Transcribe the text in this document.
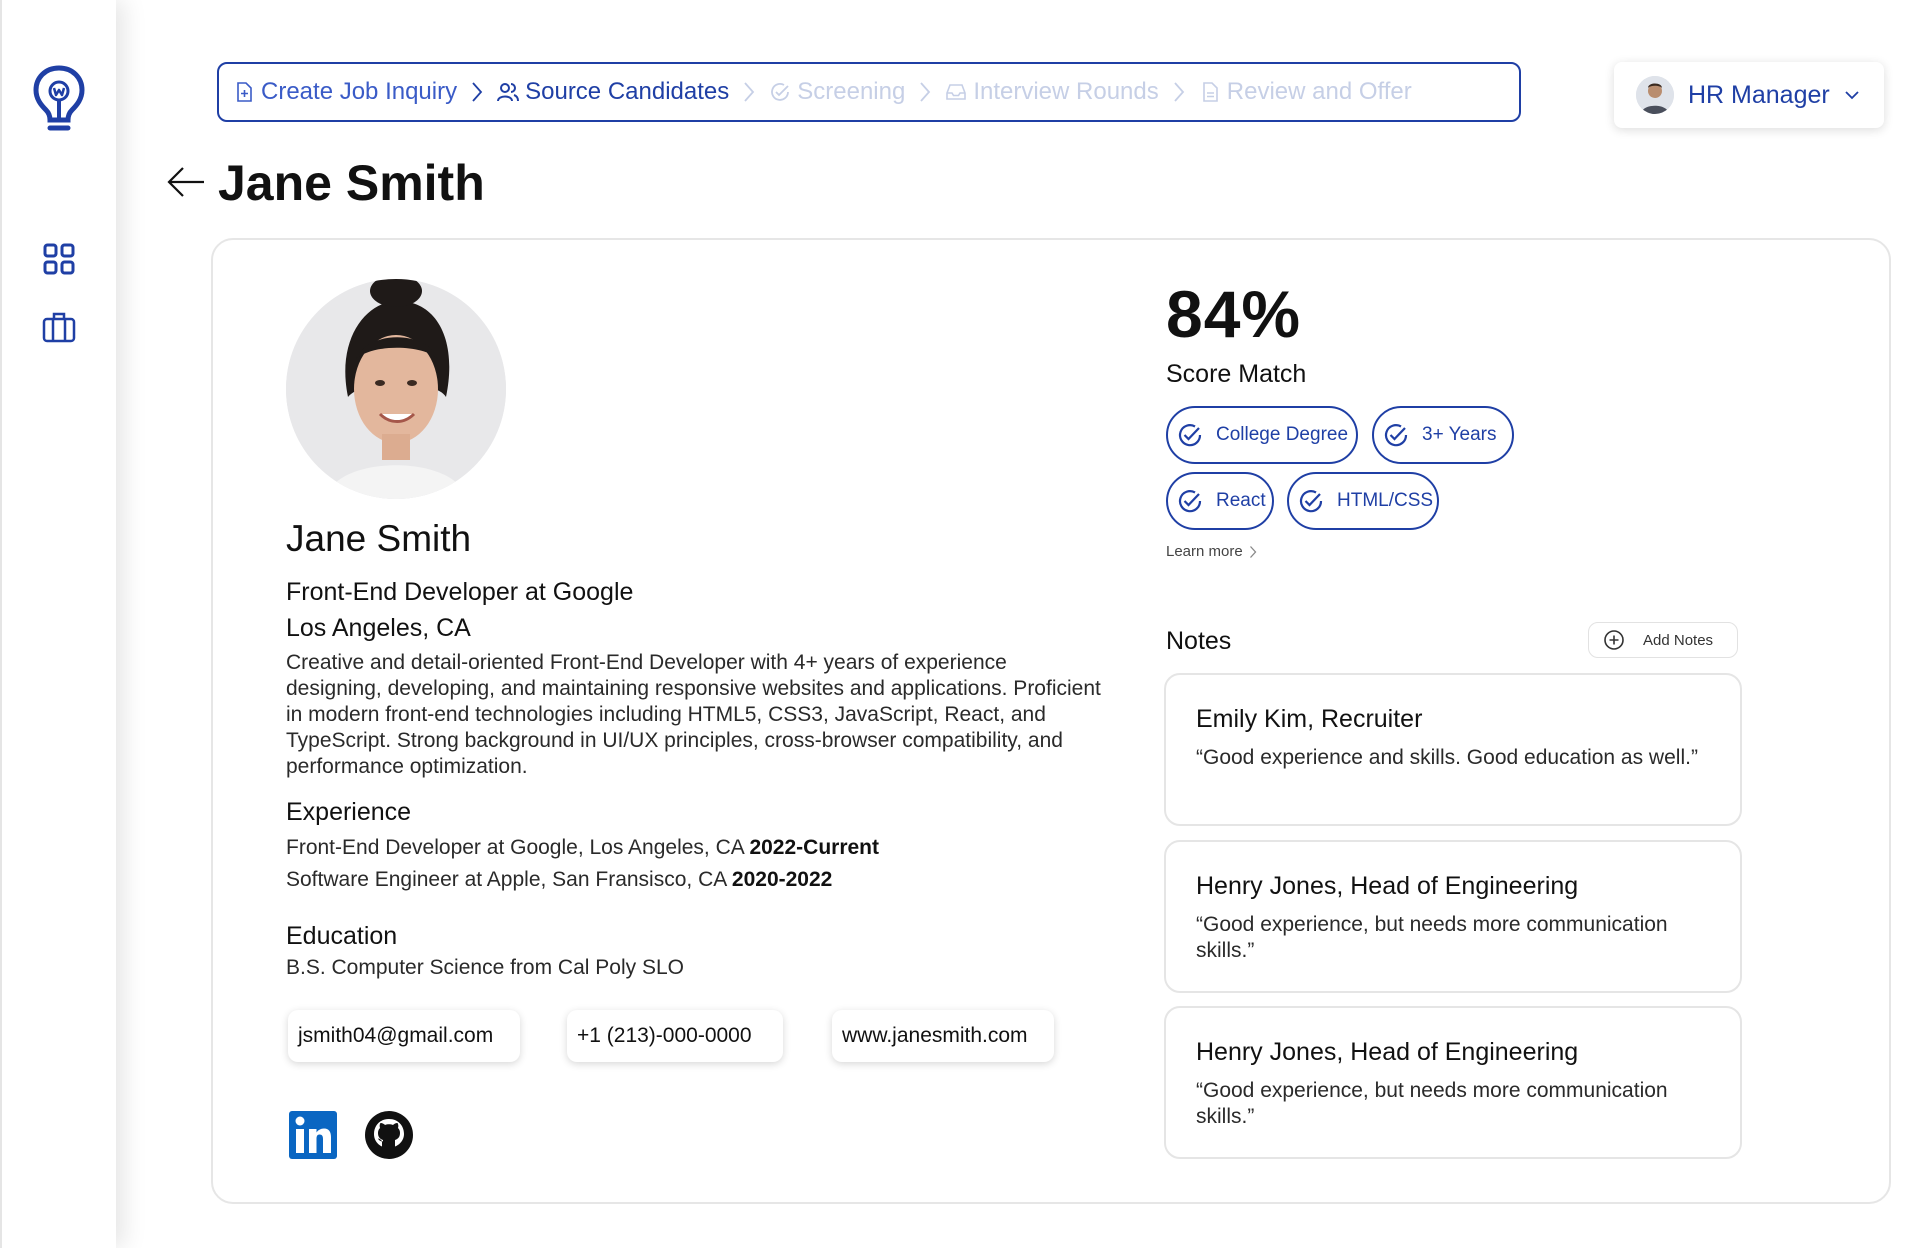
Create Job Inquiry	Source Candidates	Screening	Interview Rounds	Review and Offer	HR Manager
Jane Smith
Jane Smith
Front-End Developer at Google
Los Angeles, CA
Creative and detail-oriented Front-End Developer with 4+ years of experience designing, developing, and maintaining responsive websites and applications. Proficient in modern front-end technologies including HTML5, CSS3, JavaScript, React, and TypeScript. Strong background in UI/UX principles, cross-browser compatibility, and performance optimization.
Experience
Front-End Developer at Google, Los Angeles, CA 2022-Current
Software Engineer at Apple, San Fransisco, CA 2020-2022
Education
B.S. Computer Science from Cal Poly SLO
jsmith04@gmail.com	+1 (213)-000-0000	www.janesmith.com
84%
Score Match
College Degree	3+ Years
React	HTML/CSS
Learn more
Notes	Add Notes
Emily Kim, Recruiter
“Good experience and skills. Good education as well.”
Henry Jones, Head of Engineering
“Good experience, but needs more communication skills.”
Henry Jones, Head of Engineering
“Good experience, but needs more communication skills.”
